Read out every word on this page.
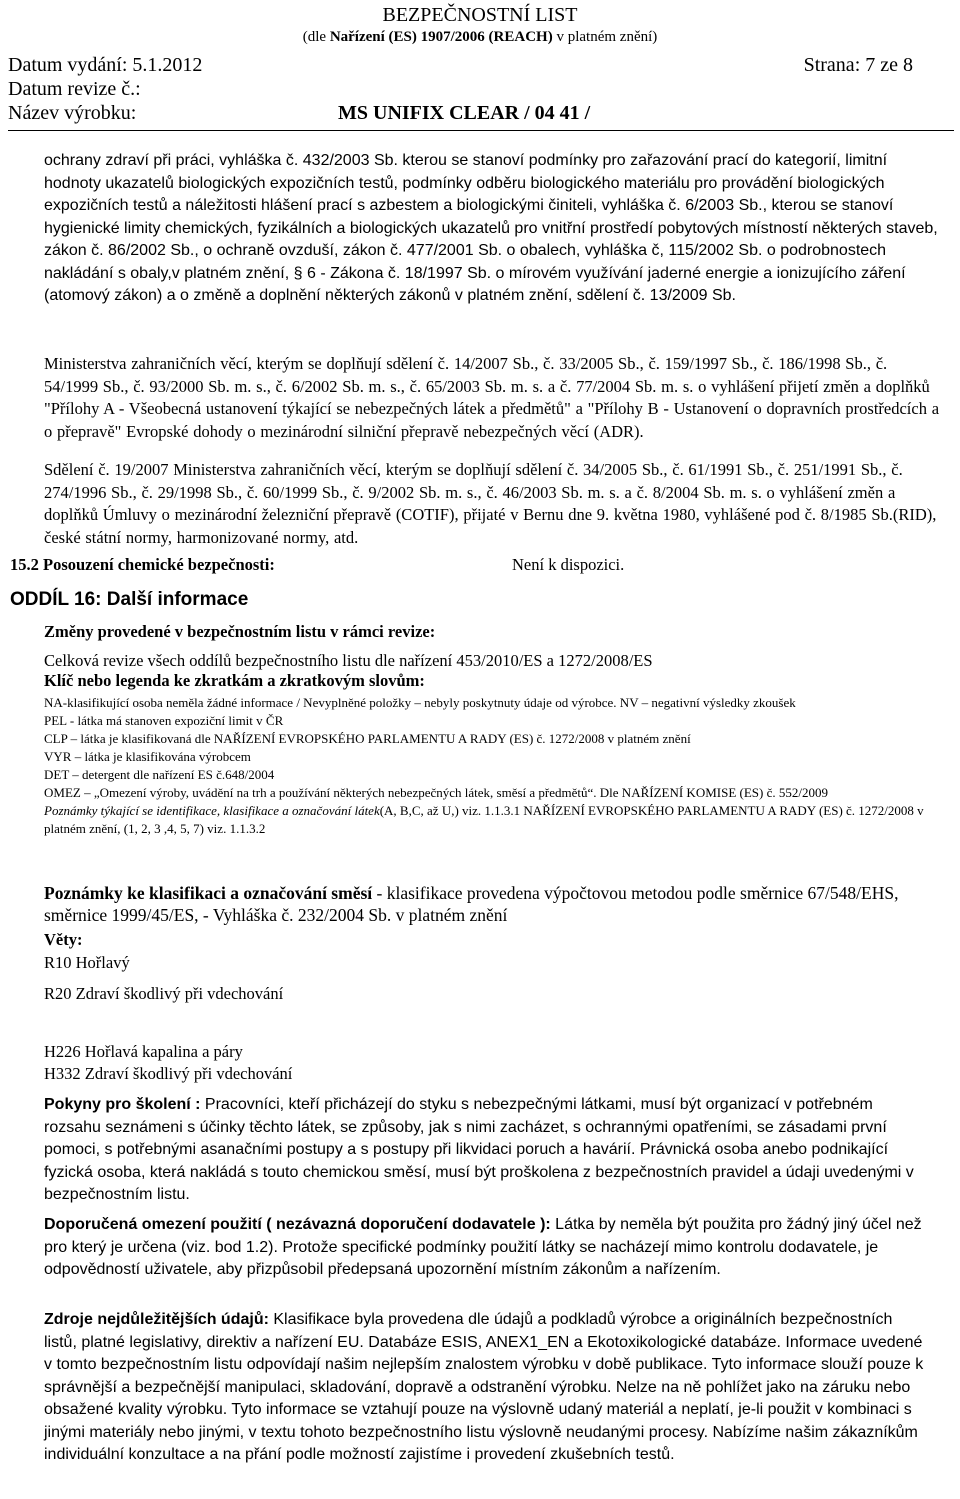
BEZPEČNOSTNÍ LIST
(dle Nařízení (ES) 1907/2006 (REACH) v platném znění)
Datum vydání: 5.1.2012	Strana: 7 ze 8
Datum revize č.:
Název výrobku:	MS UNIFIX CLEAR / 04 41 /
ochrany zdraví při práci, vyhláška č. 432/2003 Sb. kterou se stanoví podmínky pro zařazování prací do kategorií, limitní hodnoty ukazatelů biologických expozičních testů, podmínky odběru biologického materiálu pro provádění biologických expozičních testů a náležitosti hlášení prací s azbestem a biologickými činiteli, vyhláška č. 6/2003 Sb., kterou se stanoví hygienické limity chemických, fyzikálních a biologických ukazatelů pro vnitřní prostředí pobytových místností některých staveb, zákon č. 86/2002 Sb., o ochraně ovzduší, zákon č. 477/2001 Sb. o obalech, vyhláška č, 115/2002 Sb. o podrobnostech nakládání s obaly,v platném znění, § 6 - Zákona č. 18/1997 Sb. o mírovém využívání jaderné energie a ionizujícího záření (atomový zákon) a o změně a doplnění některých zákonů v platném znění, sdělení č. 13/2009 Sb.
Ministerstva zahraničních věcí, kterým se doplňují sdělení č. 14/2007 Sb., č. 33/2005 Sb., č. 159/1997 Sb., č. 186/1998 Sb., č. 54/1999 Sb., č. 93/2000 Sb. m. s., č. 6/2002 Sb. m. s., č. 65/2003 Sb. m. s. a č. 77/2004 Sb. m. s. o vyhlášení přijetí změn a doplňků "Přílohy A - Všeobecná ustanovení týkající se nebezpečných látek a předmětů" a "Přílohy B - Ustanovení o dopravních prostředcích a o přepravě" Evropské dohody o mezinárodní silniční přepravě nebezpečných věcí (ADR).
Sdělení č. 19/2007 Ministerstva zahraničních věcí, kterým se doplňují sdělení č. 34/2005 Sb., č. 61/1991 Sb., č. 251/1991 Sb., č. 274/1996 Sb., č. 29/1998 Sb., č. 60/1999 Sb., č. 9/2002 Sb. m. s., č. 46/2003 Sb. m. s. a č. 8/2004 Sb. m. s. o vyhlášení změn a doplňků Úmluvy o mezinárodní železniční přepravě (COTIF), přijaté v Bernu dne 9. května 1980, vyhlášené pod č. 8/1985 Sb.(RID), české státní normy, harmonizované normy, atd.
15.2 Posouzení chemické bezpečnosti:	Není k dispozici.
ODDÍL 16: Další informace
Změny provedené v bezpečnostním listu v rámci revize:
Celková revize všech oddílů bezpečnostního listu dle nařízení 453/2010/ES a 1272/2008/ES
Klíč nebo legenda ke zkratkám a zkratkovým slovům:
NA-klasifikující osoba neměla žádné informace / Nevyplněné položky – nebyly poskytnuty údaje od výrobce. NV – negativní výsledky zkoušek
PEL - látka má stanoven expoziční limit v ČR
CLP – látka je klasifikovaná dle NAŘÍZENÍ EVROPSKÉHO PARLAMENTU A RADY (ES) č. 1272/2008 v platném znění
VYR – látka je klasifikována výrobcem
DET – detergent dle nařízení ES č.648/2004
OMEZ – „Omezení výroby, uvádění na trh a používání některých nebezpečných látek, směsí a předmětů“. Dle NAŘÍZENÍ KOMISE (ES) č. 552/2009
Poznámky týkající se identifikace, klasifikace a označování látek(A, B,C, až U,) viz. 1.1.3.1 NAŘÍZENÍ EVROPSKÉHO PARLAMENTU A RADY (ES) č. 1272/2008 v platném znění, (1, 2, 3 ,4, 5, 7) viz. 1.1.3.2
Poznámky ke klasifikaci a označování směsí - klasifikace provedena výpočtovou metodou podle směrnice 67/548/EHS, směrnice 1999/45/ES, - Vyhláška č. 232/2004 Sb. v platném znění
Věty:
R10 Hořlavý
R20 Zdraví škodlivý při vdechování
H226 Hořlavá kapalina a páry
H332 Zdraví škodlivý při vdechování
Pokyny pro školení : Pracovníci, kteří přicházejí do styku s nebezpečnými látkami, musí být organizací v potřebném rozsahu seznámeni s účinky těchto látek, se způsoby, jak s nimi zacházet, s ochrannými opatřeními, se zásadami první pomoci, s potřebnými asanačními postupy a s postupy při likvidaci poruch a havárií. Právnická osoba anebo podnikající fyzická osoba, která nakládá s touto chemickou směsí, musí být proškolena z bezpečnostních pravidel a údaji uvedenými v bezpečnostním listu.
Doporučená omezení použití ( nezávazná doporučení dodavatele ): Látka by neměla být použita pro žádný jiný účel než pro který je určena (viz. bod 1.2). Protože specifické podmínky použití látky se nacházejí mimo kontrolu dodavatele, je odpovědností uživatele, aby přizpůsobil předepsaná upozornění místním zákonům a nařízením.
Zdroje nejdůležitějších údajů: Klasifikace byla provedena dle údajů a podkladů výrobce a originálních bezpečnostních listů, platné legislativy, direktiv a nařízení EU. Databáze ESIS, ANEX1_EN a Ekotoxikologické databáze. Informace uvedené v tomto bezpečnostním listu odpovídají našim nejlepším znalostem výrobku v době publikace. Tyto informace slouží pouze k správnější a bezpečnější manipulaci, skladování, dopravě a odstranění výrobku. Nelze na ně pohlížet jako na záruku nebo obsažené kvality výrobku. Tyto informace se vztahují pouze na výslovně udaný materiál a neplatí, je-li použit v kombinaci s jinými materiály nebo jinými, v textu tohoto bezpečnostního listu výslovně neudanými procesy. Nabízíme našim zákazníkům individuální konzultace a na přání podle možností zajistíme i provedení zkušebních testů.
